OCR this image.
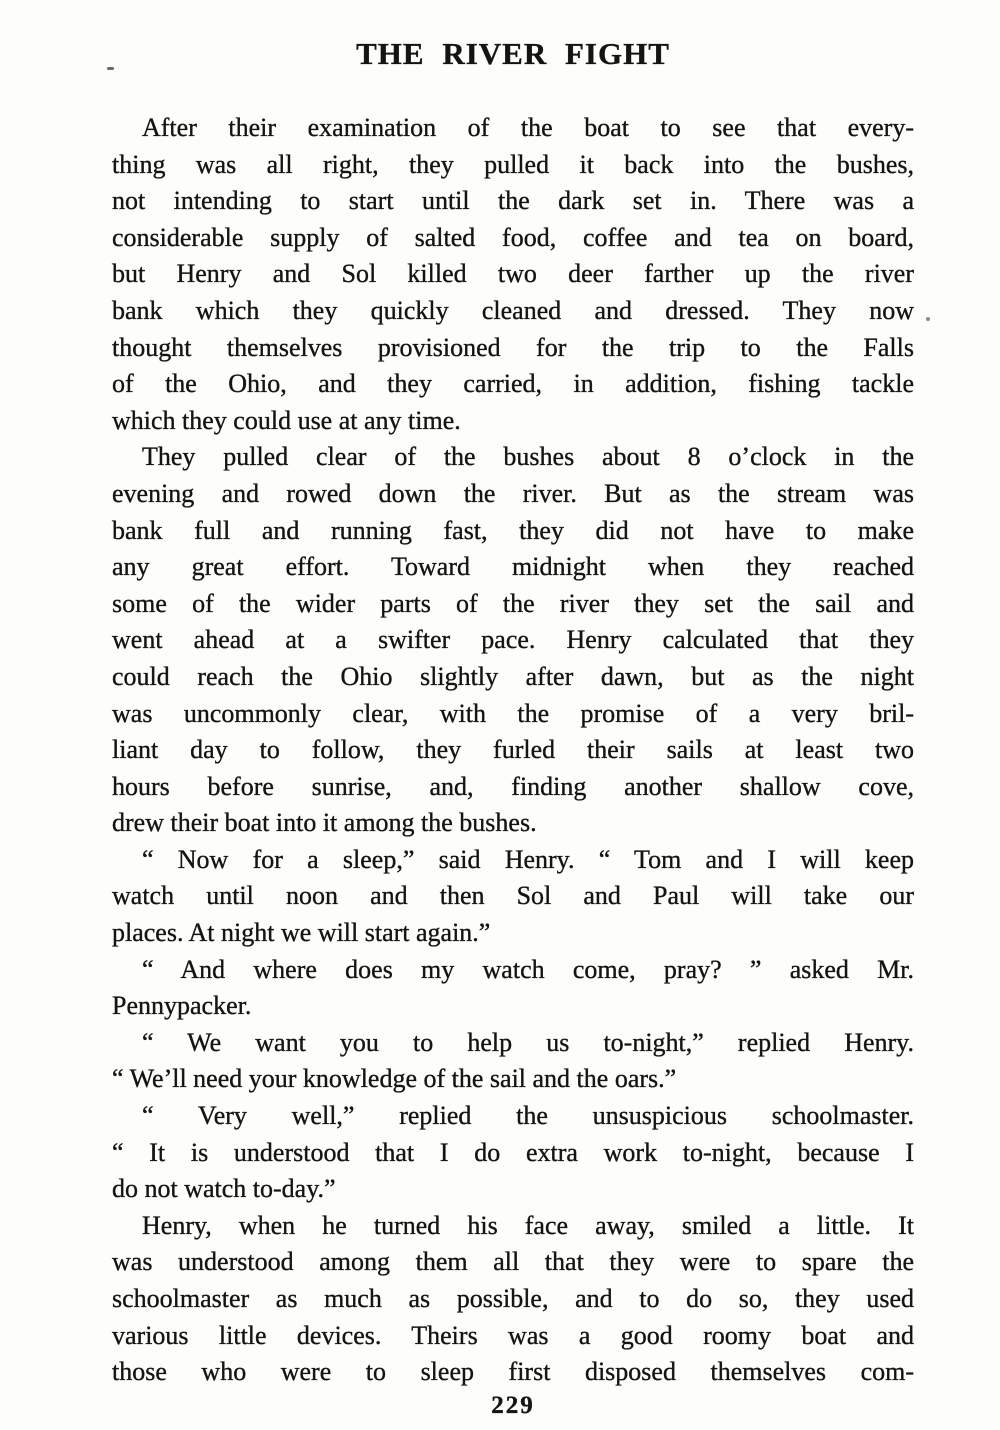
THE RIVER FIGHT
After their examination of the boat to see that every-
thing was all right, they pulled it back into the bushes,
not intending to start until the dark set in. There was a
considerable supply of salted food, coffee and tea on board,
but Henry and Sol killed two deer farther up the river
bank which they quickly cleaned and dressed. They now
thought themselves provisioned for the trip to the Falls
of the Ohio, and they carried, in addition, fishing tackle
which they could use at any time.
They pulled clear of the bushes about 8 o’clock in the
evening and rowed down the river. But as the stream was
bank full and running fast, they did not have to make
any great effort. Toward midnight when they reached
some of the wider parts of the river they set the sail and
went ahead at a swifter pace. Henry calculated that they
could reach the Ohio slightly after dawn, but as the night
was uncommonly clear, with the promise of a very bril-
liant day to follow, they furled their sails at least two
hours before sunrise, and, finding another shallow cove,
drew their boat into it among the bushes.
“ Now for a sleep,” said Henry. “ Tom and I will keep
watch until noon and then Sol and Paul will take our
places. At night we will start again.”
“ And where does my watch come, pray? ” asked Mr.
Pennypacker.
“ We want you to help us to-night,” replied Henry.
“ We’ll need your knowledge of the sail and the oars.”
“ Very well,” replied the unsuspicious schoolmaster.
“ It is understood that I do extra work to-night, because I
do not watch to-day.”
Henry, when he turned his face away, smiled a little. It
was understood among them all that they were to spare the
schoolmaster as much as possible, and to do so, they used
various little devices. Theirs was a good roomy boat and
those who were to sleep first disposed themselves com-
229
